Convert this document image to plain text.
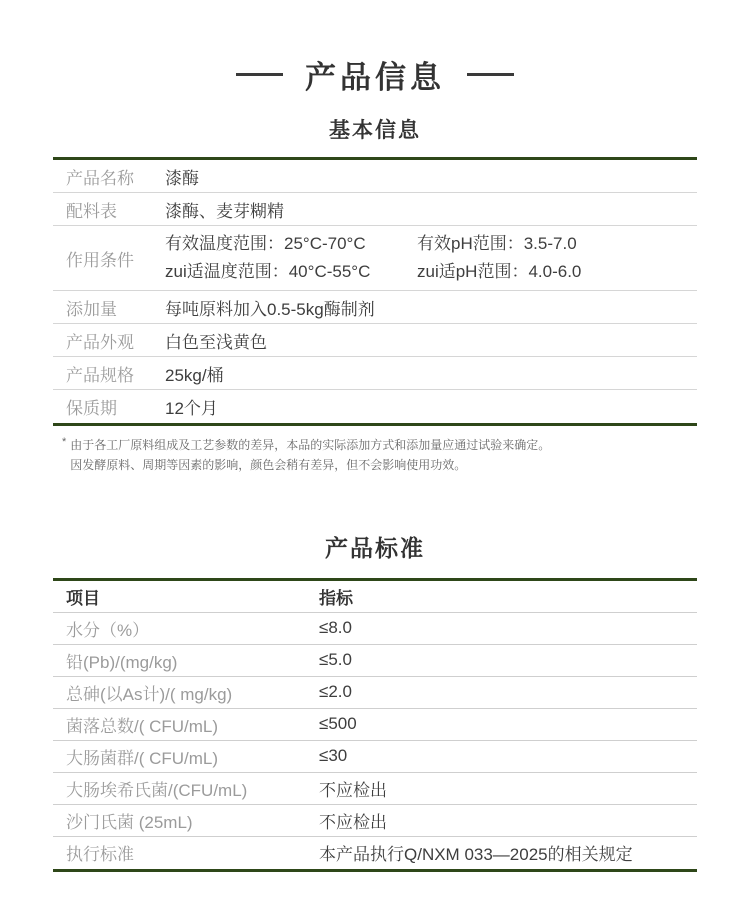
产品信息
基本信息
产品名称	漆酶
配料表	漆酶、麦芽糊精
作用条件
有效温度范围：25°C-70°C	有效pH范围：3.5-7.0
zui适温度范围：40°C-55°C	zui适pH范围：4.0-6.0
添加量	每吨原料加入0.5-5kg酶制剂
产品外观	白色至浅黄色
产品规格	25kg/桶
保质期	12个月
* 由于各工厂原料组成及工艺参数的差异，本品的实际添加方式和添加量应通过试验来确定。
因发酵原料、周期等因素的影响，颜色会稍有差异，但不会影响使用功效。
产品标准
项目	指标
水分（%）	≤8.0
铅(Pb)/(mg/kg)	≤5.0
总砷(以As计)/( mg/kg)	≤2.0
菌落总数/( CFU/mL)	≤500
大肠菌群/( CFU/mL)	≤30
大肠埃希氏菌/(CFU/mL)	不应检出
沙门氏菌 (25mL)	不应检出
执行标准	本产品执行Q/NXM 033—2025的相关规定
